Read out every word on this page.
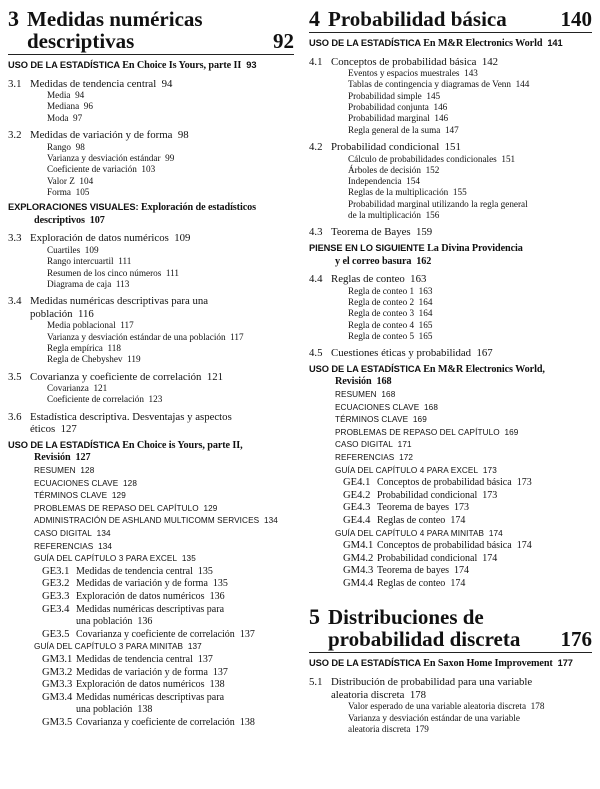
3 Medidas numéricas
descriptivas	92
USO DE LA ESTADÍSTICA En Choice Is Yours, parte II 93
3.1 Medidas de tendencia central 94
Media 94
Mediana 96
Moda 97
3.2 Medidas de variación y de forma 98
Rango 98
Varianza y desviación estándar 99
Coeficiente de variación 103
Valor Z 104
Forma 105
EXPLORACIONES VISUALES: Exploración de estadísticos
descriptivos 107
3.3 Exploración de datos numéricos 109
Cuartiles 109
Rango intercuartil 111
Resumen de los cinco números 111
Diagrama de caja 113
3.4 Medidas numéricas descriptivas para una
población 116
Media poblacional 117
Varianza y desviación estándar de una población 117
Regla empírica 118
Regla de Chebyshev 119
3.5 Covarianza y coeficiente de correlación 121
Covarianza 121
Coeficiente de correlación 123
3.6 Estadística descriptiva. Desventajas y aspectos
éticos 127
USO DE LA ESTADÍSTICA En Choice is Yours, parte II,
Revisión 127
RESUMEN 128
ECUACIONES CLAVE 128
TÉRMINOS CLAVE 129
PROBLEMAS DE REPASO DEL CAPÍTULO 129
ADMINISTRACIÓN DE ASHLAND MULTICOMM SERVICES 134
CASO DIGITAL 134
REFERENCIAS 134
GUÍA DEL CAPÍTULO 3 PARA EXCEL 135
GE3.1 Medidas de tendencia central 135
GE3.2 Medidas de variación y de forma 135
GE3.3 Exploración de datos numéricos 136
GE3.4 Medidas numéricas descriptivas para
una población 136
GE3.5 Covarianza y coeficiente de correlación 137
GUÍA DEL CAPÍTULO 3 PARA MINITAB 137
GM3.1 Medidas de tendencia central 137
GM3.2 Medidas de variación y de forma 137
GM3.3 Exploración de datos numéricos 138
GM3.4 Medidas numéricas descriptivas para
una población 138
GM3.5 Covarianza y coeficiente de correlación 138
4 Probabilidad básica	140
USO DE LA ESTADÍSTICA En M&R Electronics World 141
4.1 Conceptos de probabilidad básica 142
Eventos y espacios muestrales 143
Tablas de contingencia y diagramas de Venn 144
Probabilidad simple 145
Probabilidad conjunta 146
Probabilidad marginal 146
Regla general de la suma 147
4.2 Probabilidad condicional 151
Cálculo de probabilidades condicionales 151
Árboles de decisión 152
Independencia 154
Reglas de la multiplicación 155
Probabilidad marginal utilizando la regla general
de la multiplicación 156
4.3 Teorema de Bayes 159
PIENSE EN LO SIGUIENTE La Divina Providencia
y el correo basura 162
4.4 Reglas de conteo 163
Regla de conteo 1 163
Regla de conteo 2 164
Regla de conteo 3 164
Regla de conteo 4 165
Regla de conteo 5 165
4.5 Cuestiones éticas y probabilidad 167
USO DE LA ESTADÍSTICA En M&R Electronics World,
Revisión 168
RESUMEN 168
ECUACIONES CLAVE 168
TÉRMINOS CLAVE 169
PROBLEMAS DE REPASO DEL CAPÍTULO 169
CASO DIGITAL 171
REFERENCIAS 172
GUÍA DEL CAPÍTULO 4 PARA EXCEL 173
GE4.1 Conceptos de probabilidad básica 173
GE4.2 Probabilidad condicional 173
GE4.3 Teorema de bayes 173
GE4.4 Reglas de conteo 174
GUÍA DEL CAPÍTULO 4 PARA MINITAB 174
GM4.1 Conceptos de probabilidad básica 174
GM4.2 Probabilidad condicional 174
GM4.3 Teorema de bayes 174
GM4.4 Reglas de conteo 174
5 Distribuciones de
probabilidad discreta 176
USO DE LA ESTADÍSTICA En Saxon Home Improvement 177
5.1 Distribución de probabilidad para una variable
aleatoria discreta 178
Valor esperado de una variable aleatoria discreta 178
Varianza y desviación estándar de una variable
aleatoria discreta 179
